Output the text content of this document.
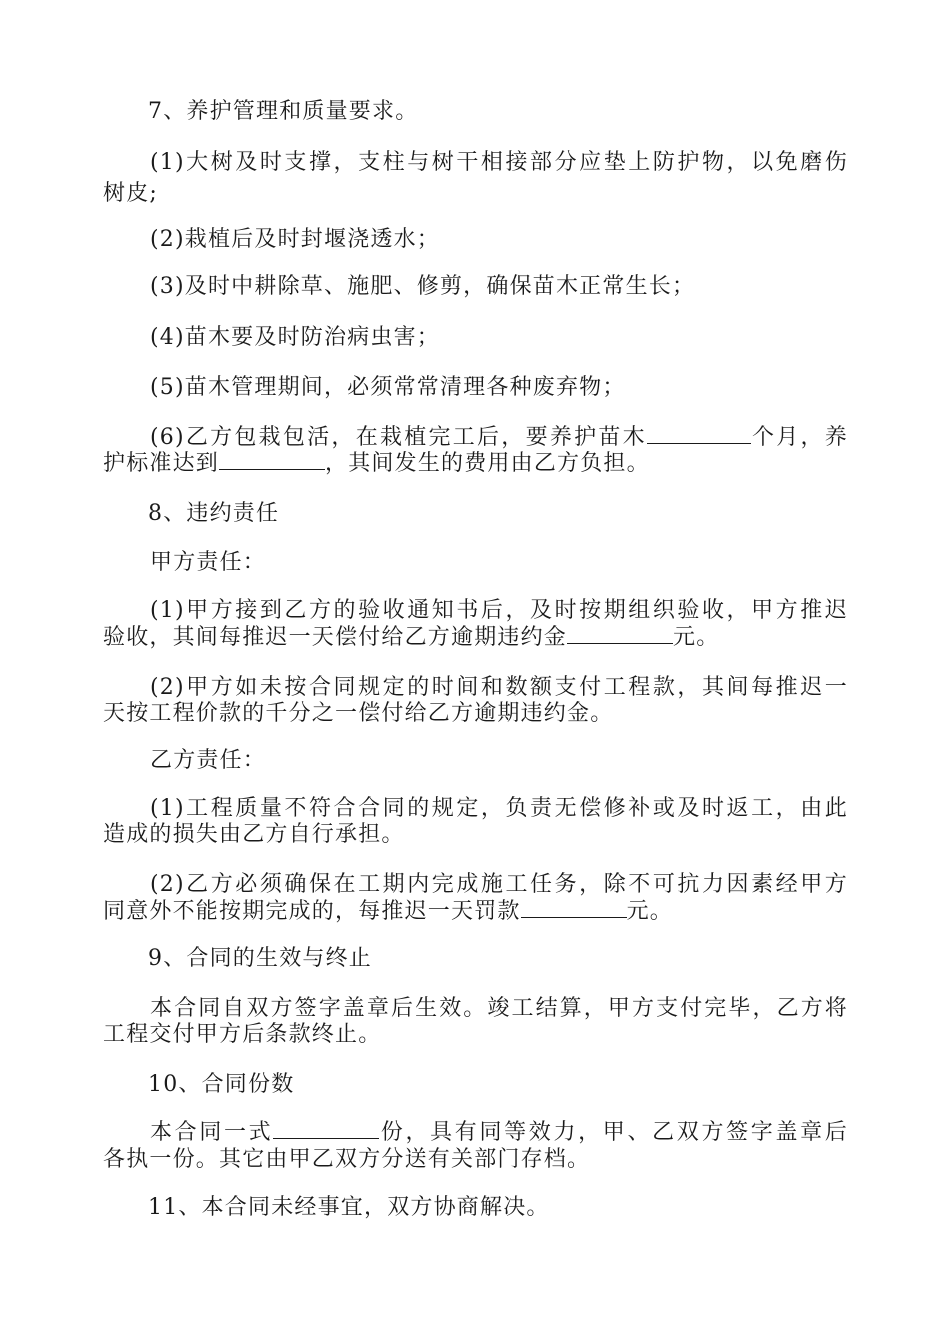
7、养护管理和质量要求。
(1)大树及时支撑，支柱与树干相接部分应垫上防护物，以免磨伤
树皮;
(2)栽植后及时封堰浇透水；
(3)及时中耕除草、施肥、修剪，确保苗木正常生长；
(4)苗木要及时防治病虫害；
(5)苗木管理期间，必须常常清理各种废弃物；
(6)乙方包栽包活，在栽植完工后，要养护苗木	个月，养
护标准达到	，其间发生的费用由乙方负担。
8、违约责任
甲方责任：
(1)甲方接到乙方的验收通知书后，及时按期组织验收，甲方推迟
验收，其间每推迟一天偿付给乙方逾期违约金	元。
(2)甲方如未按合同规定的时间和数额支付工程款，其间每推迟一
天按工程价款的千分之一偿付给乙方逾期违约金。
乙方责任：
(1)工程质量不符合合同的规定，负责无偿修补或及时返工，由此
造成的损失由乙方自行承担。
(2)乙方必须确保在工期内完成施工任务，除不可抗力因素经甲方
同意外不能按期完成的，每推迟一天罚款	元。
9、合同的生效与终止
本合同自双方签字盖章后生效。竣工结算，甲方支付完毕，乙方将
工程交付甲方后条款终止。
10、合同份数
本合同一式	份，具有同等效力，甲、乙双方签字盖章后
各执一份。其它由甲乙双方分送有关部门存档。
11、本合同未经事宜，双方协商解决。
